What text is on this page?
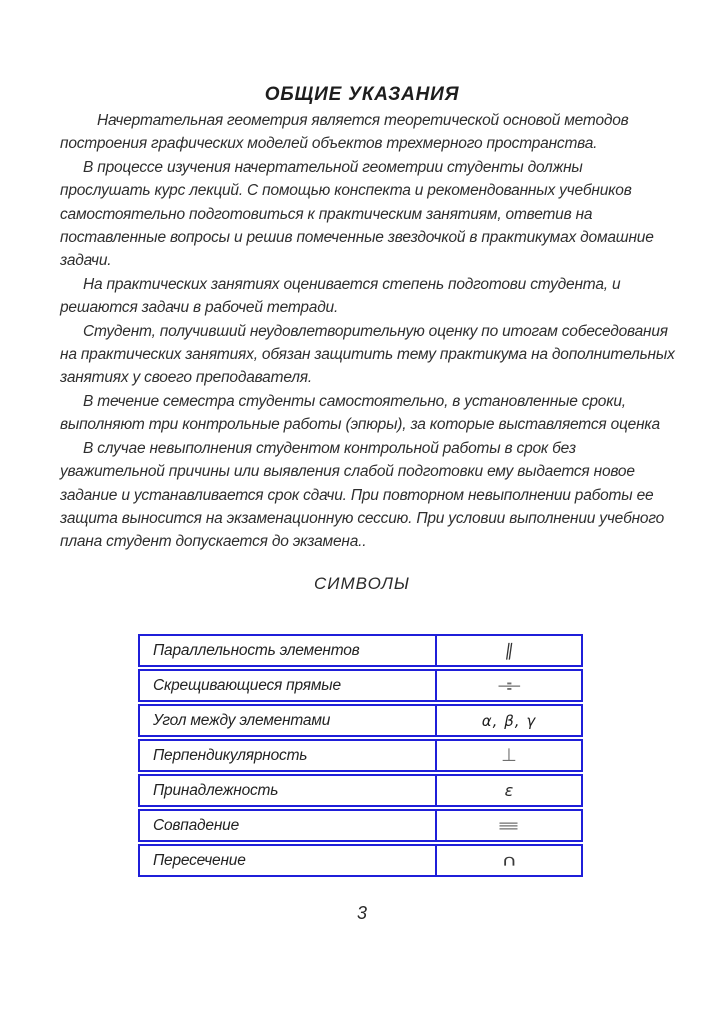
ОБЩИЕ УКАЗАНИЯ
Начертательная геометрия является теоретической основой методов
построения графических моделей объектов трехмерного пространства.
В процессе изучения начертательной геометрии студенты должны
прослушать курс лекций. С помощью конспекта и рекомендованных учебников
самостоятельно подготовиться к практическим занятиям, ответив на
поставленные вопросы и решив помеченные звездочкой в практикумах домашние
задачи.
На практических занятиях оценивается степень подготови студента, и
решаются задачи в рабочей тетради.
Студент, получивший неудовлетворительную оценку по итогам собеседования
на практических занятиях, обязан защитить тему практикума на дополнительных
занятиях у своего преподавателя.
В течение семестра студенты самостоятельно, в установленные сроки,
выполняют три контрольные работы (эпюры), за которые выставляется оценка
В случае невыполнения студентом контрольной работы в срок без
уважительной причины или выявления слабой подготовки ему выдается новое
задание и устанавливается срок сдачи. При повторном невыполнении работы ее
защита выносится на экзаменационную сессию. При условии выполнении учебного
плана студент допускается до экзамена..
СИМВОЛЫ
Параллельность элементов	∥
Скрещивающиеся прямые	÷
Угол между элементами	α, β, γ
Перпендикулярность	⊥
Принадлежность	ε
Совпадение	≡
Пересечение	∩
3
